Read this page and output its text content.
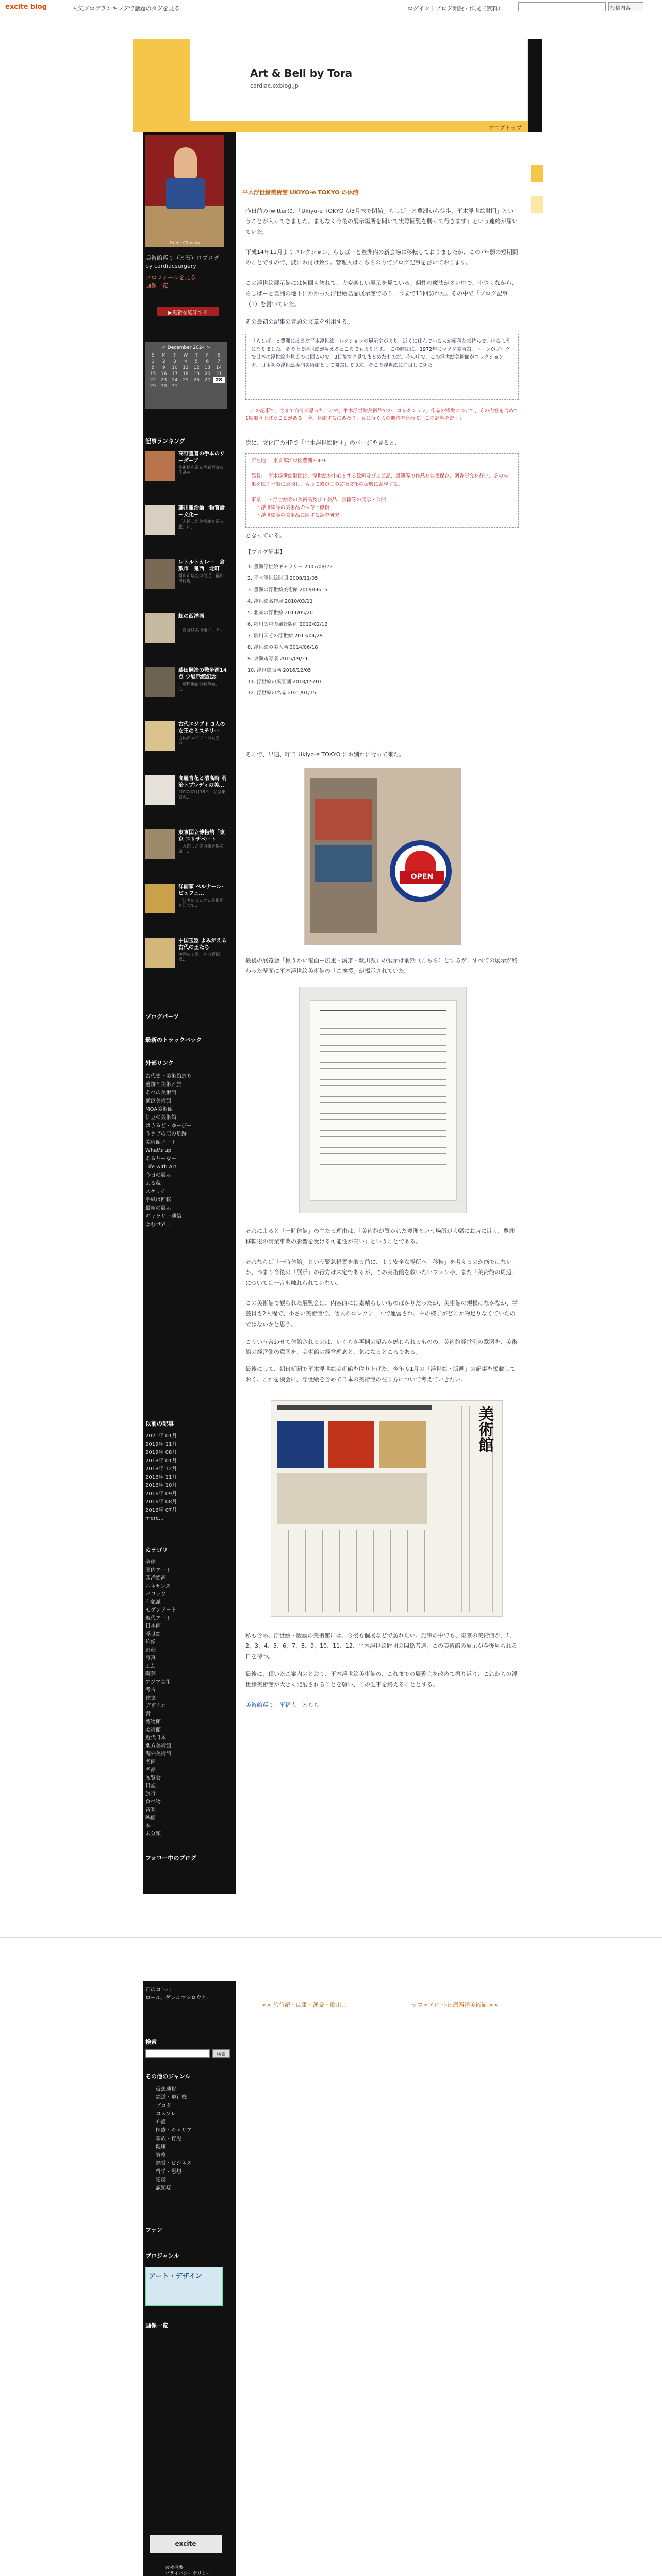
excite blog	人気ブログランキングで話題のタグを見る	ログイン｜ブログ開設・作成（無料）	投稿内容
Art & Bell by Tora
cardiac.exblog.jp
ブログトップ
From: Y.Tanaka
美術館巡り（と石）ロブログ
by cardiacsurgery
プロフィールを見る
画像一覧
▶更新を通知する
< December 2024 >
S	M	T	W	T	F	S
1	2	3	4	5	6	7
8	9	10	11	12	13	14
15	16	17	18	19	20	21
22	23	24	25	26	27	28
29	30	31				
記事ランキング
高野豊喜の手本のリーダーア
美術館を巡る写真写真の作品や
藤川徹治論一物質論ー文化ー
「入館した美術館を巡る旅」に、
レトルトカレー　倉敷市　鬼西　北町
岡山市以北の付近、福山市付近…
虹の西洋画
「自分は美術館に、モネー…
藤田嗣治の戦争画14点 少展示館記念
「藤田嗣治の戦争画、近…
古代エジプト 3人の女王のミステリー
古代のエジプトの女王の…
高麗青花と清高時 明治トプレディの美…
2017年1月16日、私は東京の…
東京国立博物館「東京 エリザベート」
「入館した美術館を巡る旅」…
洋画家 ベルナール･ビュフェ…
「日本のビュフェ美術館を訪ねて…
中国玉器 よみがえる古代の王たち
中国の玉器、その青銅器…
ブログパーツ
最新のトラックバック
外部リンク
古代史・美術館巡り
遺跡と美術と旅
あべの美術館
横浜美術館
MOA美術館
伊豆の美術館
はうるど・ゆーびー
うさぎの店の足跡
美術館ノート
What's up
あるりーなー
Life with Art
今日の展示
よる蔵
スケッチ
手紙は回転
最新の展示
ギャラリー通信
よむ世界…
以前の記事
2021年 01月
2019年 11月
2019年 08月
2018年 01月
2018年 12月
2016年 11月
2016年 10月
2016年 09月
2016年 08月
2016年 07月
more...
カテゴリ
全体
国内アート
西洋絵画
ルネサンス
バロック
印象派
モダンアート
現代アート
日本画
浮世絵
仏像
彫刻
写真
工芸
陶芸
アジア美術
考古
建築
デザイン
書
博物館
美術館
近代日本
地方美術館
海外美術館
名画
名品
展覧会
日記
旅行
食べ物
音楽
映画
本
未分類
フォロー中のブログ
石のコトバ
ロール、ゲレルマシロウと…
検索
検索
その他のジャンル
仮想通貨
鉄道・飛行機
ブログ
コスプレ
介護
医療・キャリア
家族・育児
健康
資格
経営・ビジネス
哲学・思想
逆境
認知症
ファン
ブロジャンル
アート・デザイン
画像一覧
excite
会社概要
プライバシーポリシー
平木浮世絵美術館 UKIYO-e TOKYO の休館
昨日前のTwitterに、「Ukiyo-e TOKYO が3月末で閉館」らしばーと豊洲から徒歩、平木浮世絵財団」ということが入ってきました。まもなく今後の展示場所を聞いて実際閲覧を勝って行きます」という連絡が届いていた。
平成14年11月よりコレクション、らしばーと豊洲内の新会場に移転しておりましたが、この7年弱の短期間のことですので、誠にお付け致す。管理人はこちらの方でブログ記事を書いております。
この浮世絵展示館には何回も訪れて、大変楽しい展示を見ている。個性の魔法が多い中で、小さくながら、らしばーと豊洲の地下にかかった浮世絵名品展示館であり、今まで11回訪れた。その中で「ブログ記事（1）を書いていた。
その最初の記事の冒頭の文章を引用する。
「らしばーと豊洲にはまだ平木浮世絵コレクションの展示室があり、近くに住んでいる人が便利な気持ちでいけるようになりました。その上で浮世絵が見えるところでもあります。」この時期に、1972年にマツダ美術館、トーンがブログで日本の浮世絵を見るのに困るので、3日後すぐ見てまとめたものだ。その中で、この浮世絵美術館がコレクションを、日本初の浮世絵専門美術館として開館して以来、そこの浮世絵に注目してきた。
「この記事で、今まで自分が思ったことや、平木浮世絵美術館での、コレクション、作品の特徴について、その内容を含めて1度取り上げたことがある。今、休館するにあたり、見に行く人の期待を込めて、この記事を書く」
次に、文化庁のHPで「平木浮世絵財団」のページを見ると、
所在地：　東京都江東区豊洲2-4-9

館長：　平木浮世絵財団は、浮世絵を中心とする絵画及び工芸品、書籍等の作品を収集保存、調査研究を行い、その成果を広く一般に公開し、もって我が国の芸術文化の振興に寄与する。

事業：　・浮世絵等の美術品及び工芸品、書籍等の展示・公開
　・浮世絵等の美術品の保存・修復
　・浮世絵等の美術品に関する調査研究
となっている。
【ブログ記事】
1. 豊洲浮世絵ギャラリー 2007/08/22
2. 平木浮世絵財団 2008/11/05
3. 豊洲の浮世絵美術館 2009/06/15
4. 浮世絵名作展 2010/03/11
5. 北斎の浮世絵 2011/05/20
6. 歌川広重の風景版画 2012/02/12
7. 歌川国芳の浮世絵 2013/04/29
8. 浮世絵の美人画 2014/06/18
9. 東洲斎写楽 2015/09/21
10. 浮世絵版画 2016/12/05
11. 浮世絵の風景画 2018/05/10
12. 浮世絵の名品 2021/01/15
そこで、早速、昨日 Ukiyo-e TOKYO にお別れに行って来た。
OPEN
最後の展覧会「極うかい覆面ー広重・溪斎・歌川派」の展示は前期（こちら）とするが、すべての展示が終わった壁面に平木浮世絵美術館の「ご挨拶」が掲示されていた。
それによると「一時休館」の主たる理由は、「美術館が置かれた豊洲という場所が大幅にお店に近く、豊洲移転後の商業事業の影響を受ける可能性が高い」ということである。
それならば「一時休館」という緊急措置を取る前に、より安全な場所へ「移転」を考えるのが筋ではないか、つまり今後の「展示」の行方は未定であるが、この美術館を救いたいファンや、また「美術館の周辺」については一言も触れられていない。
この美術館で観られた展覧会は、内容的には素晴らしいものばかりだったが、美術館の規模はなかなか、学芸員も2人程で、小さい美術館で、個人のコレクションで運営され、中の様子がどこか物足りなくていたのではないかと思う。
こういう合わせて休館されるのは、いくらか再開の望みが感じられるものの、美術館経営側の意図を、美術館の経営側の意図を、美術館の経営理念と、気になるところである。
最後にして、朝日新聞で平木浮世絵美術館を取り上げた、今年度1月の「浮世絵・版画」の記事を掲載しておく。これを機会に、浮世絵を含めて日本の美術館の在り方について考えていきたい。
美術館
私も含め、浮世絵・版画の美術館には、今後も個展などで訪れたい。記事の中でも、東京の美術館が、1、2、3、4、5、6、7、8、9、10、11、12、平木浮世絵財団の関係者達、この美術館の展示が今後見られる日を待つ。
最後に、頂いたご案内のとおり、平木浮世絵美術館の、これまでの展覧会を改めて振り返り、これからの浮世絵美術館が大きく発展されることを願い、この記事を終えることとする。
美術館巡り　平福人　とらら
<< 旅行記・広重・溪斎・歌川…	ラファエロ 小田原西洋美術館 >>
